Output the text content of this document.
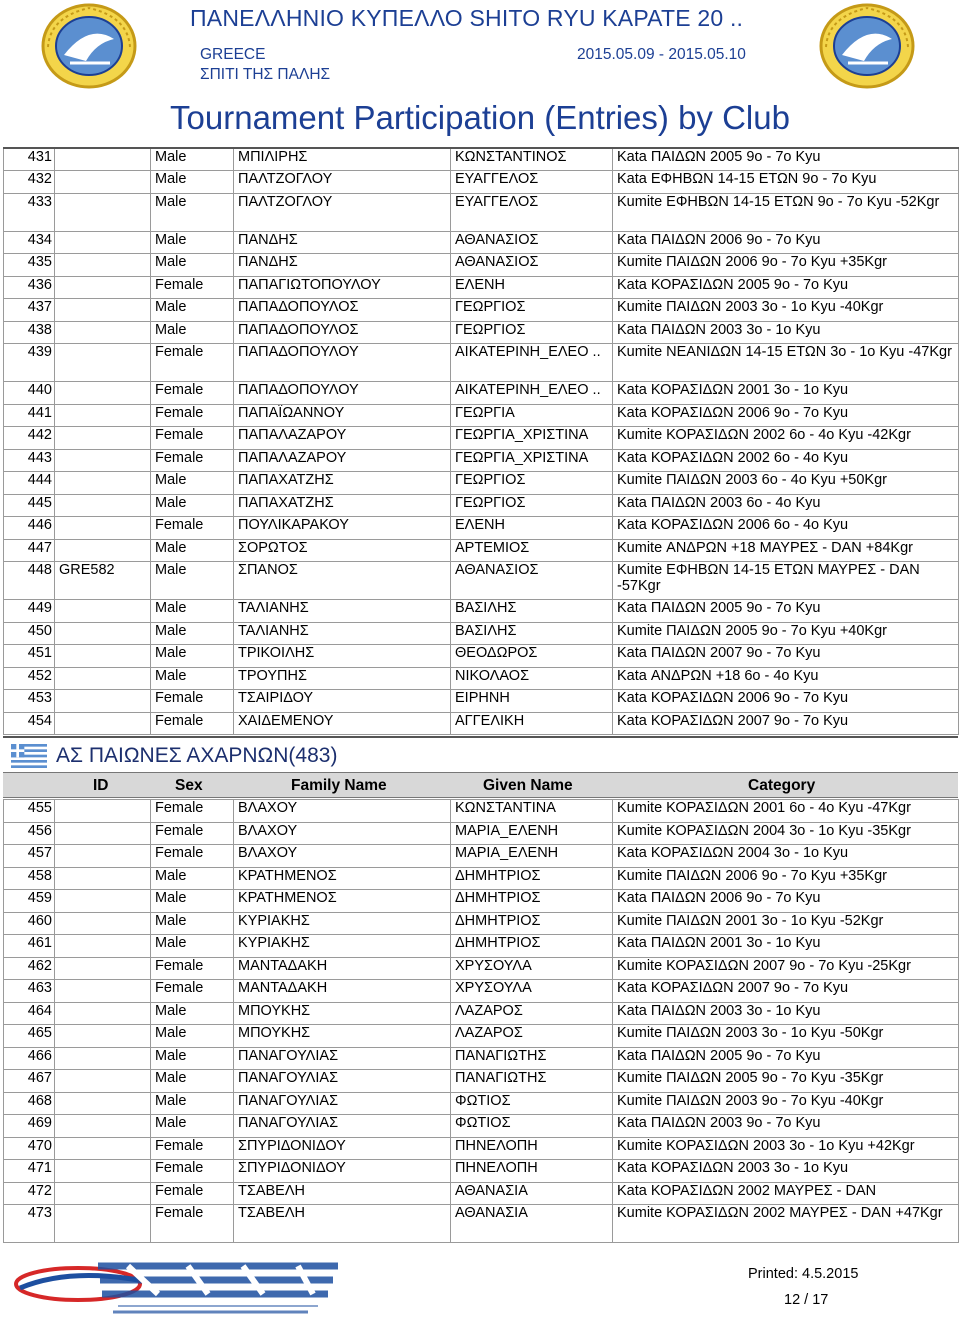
ΠΑΝΕΛΛΗΝΙΟ ΚΥΠΕΛΛΟ SHITO RYU ΚΑΡΑΤΕ 20 ..
GREECE
ΣΠΙΤΙ ΤΗΣ ΠΑΛΗΣ
2015.05.09 - 2015.05.10
Tournament Participation (Entries) by Club
431		Male	ΜΠΙΛΙΡΗΣ	ΚΩΝΣΤΑΝΤΙΝΟΣ	Kata ΠΑΙΔΩΝ 2005 9ο - 7ο Kyu
432		Male	ΠΑΛΤΖΟΓΛΟΥ	ΕΥΑΓΓΕΛΟΣ	Kata ΕΦΗΒΩΝ 14-15 ΕΤΩΝ 9ο - 7ο Kyu
433		Male	ΠΑΛΤΖΟΓΛΟΥ	ΕΥΑΓΓΕΛΟΣ	Kumite ΕΦΗΒΩΝ 14-15 ΕΤΩΝ 9ο - 7ο Kyu -52Kgr
434		Male	ΠΑΝΔΗΣ	ΑΘΑΝΑΣΙΟΣ	Kata ΠΑΙΔΩΝ 2006 9ο - 7ο Kyu
435		Male	ΠΑΝΔΗΣ	ΑΘΑΝΑΣΙΟΣ	Kumite ΠΑΙΔΩΝ 2006 9ο - 7ο Kyu +35Kgr
436		Female	ΠΑΠΑΓΙΩΤΟΠΟΥΛΟΥ	ΕΛΕΝΗ	Kata ΚΟΡΑΣΙΔΩΝ 2005 9ο - 7ο Kyu
437		Male	ΠΑΠΑΔΟΠΟΥΛΟΣ	ΓΕΩΡΓΙΟΣ	Kumite ΠΑΙΔΩΝ 2003 3ο - 1ο Kyu -40Kgr
438		Male	ΠΑΠΑΔΟΠΟΥΛΟΣ	ΓΕΩΡΓΙΟΣ	Kata ΠΑΙΔΩΝ 2003 3ο - 1ο Kyu
439		Female	ΠΑΠΑΔΟΠΟΥΛΟΥ	ΑΙΚΑΤΕΡΙΝΗ_ΕΛΕΟ ..	Kumite ΝΕΑΝΙΔΩΝ 14-15 ΕΤΩΝ 3ο - 1ο Kyu -47Kgr
440		Female	ΠΑΠΑΔΟΠΟΥΛΟΥ	ΑΙΚΑΤΕΡΙΝΗ_ΕΛΕΟ ..	Kata ΚΟΡΑΣΙΔΩΝ 2001 3ο - 1ο Kyu
441		Female	ΠΑΠΑΪΩΑΝΝΟΥ	ΓΕΩΡΓΙΑ	Kata ΚΟΡΑΣΙΔΩΝ 2006 9ο - 7ο Kyu
442		Female	ΠΑΠΑΛΑΖΑΡΟΥ	ΓΕΩΡΓΙΑ_ΧΡΙΣΤΙΝΑ	Kumite ΚΟΡΑΣΙΔΩΝ 2002 6ο - 4ο Kyu -42Kgr
443		Female	ΠΑΠΑΛΑΖΑΡΟΥ	ΓΕΩΡΓΙΑ_ΧΡΙΣΤΙΝΑ	Kata ΚΟΡΑΣΙΔΩΝ 2002 6ο - 4ο Kyu
444		Male	ΠΑΠΑΧΑΤΖΗΣ	ΓΕΩΡΓΙΟΣ	Kumite ΠΑΙΔΩΝ 2003 6ο - 4ο Kyu +50Kgr
445		Male	ΠΑΠΑΧΑΤΖΗΣ	ΓΕΩΡΓΙΟΣ	Kata ΠΑΙΔΩΝ 2003 6ο - 4ο Kyu
446		Female	ΠΟΥΛΙΚΑΡΑΚΟΥ	ΕΛΕΝΗ	Kata ΚΟΡΑΣΙΔΩΝ 2006 6ο - 4ο Kyu
447		Male	ΣΟΡΩΤΟΣ	ΑΡΤΕΜΙΟΣ	Kumite ΑΝΔΡΩΝ +18 ΜΑΥΡΕΣ - DAN +84Kgr
448	GRE582	Male	ΣΠΑΝΟΣ	ΑΘΑΝΑΣΙΟΣ	Kumite ΕΦΗΒΩΝ 14-15 ΕΤΩΝ ΜΑΥΡΕΣ - DAN -57Kgr
449		Male	ΤΑΛΙΑΝΗΣ	ΒΑΣΙΛΗΣ	Kata ΠΑΙΔΩΝ 2005 9ο - 7ο Kyu
450		Male	ΤΑΛΙΑΝΗΣ	ΒΑΣΙΛΗΣ	Kumite ΠΑΙΔΩΝ 2005 9ο - 7ο Kyu +40Kgr
451		Male	ΤΡΙΚΟΙΛΗΣ	ΘΕΟΔΩΡΟΣ	Kata ΠΑΙΔΩΝ 2007 9ο - 7ο Kyu
452		Male	ΤΡΟΥΠΗΣ	ΝΙΚΟΛΑΟΣ	Kata ΑΝΔΡΩΝ +18 6ο - 4ο Kyu
453		Female	ΤΣΑΙΡΙΔΟΥ	ΕΙΡΗΝΗ	Kata ΚΟΡΑΣΙΔΩΝ 2006 9ο - 7ο Kyu
454		Female	ΧΑΙΔΕΜΕΝΟΥ	ΑΓΓΕΛΙΚΗ	Kata ΚΟΡΑΣΙΔΩΝ 2007 9ο - 7ο Kyu
ΑΣ ΠΑΙΩΝΕΣ ΑΧΑΡΝΩΝ(483)
ID	Sex	Family Name	Given Name	Category
455		Female	ΒΛΑΧΟΥ	ΚΩΝΣΤΑΝΤΙΝΑ	Kumite ΚΟΡΑΣΙΔΩΝ 2001 6ο - 4ο Kyu -47Kgr
456		Female	ΒΛΑΧΟΥ	ΜΑΡΙΑ_ΕΛΕΝΗ	Kumite ΚΟΡΑΣΙΔΩΝ 2004 3ο - 1ο Kyu -35Kgr
457		Female	ΒΛΑΧΟΥ	ΜΑΡΙΑ_ΕΛΕΝΗ	Kata ΚΟΡΑΣΙΔΩΝ 2004 3ο - 1ο Kyu
458		Male	ΚΡΑΤΗΜΕΝΟΣ	ΔΗΜΗΤΡΙΟΣ	Kumite ΠΑΙΔΩΝ 2006 9ο - 7ο Kyu +35Kgr
459		Male	ΚΡΑΤΗΜΕΝΟΣ	ΔΗΜΗΤΡΙΟΣ	Kata ΠΑΙΔΩΝ 2006 9ο - 7ο Kyu
460		Male	ΚΥΡΙΑΚΗΣ	ΔΗΜΗΤΡΙΟΣ	Kumite ΠΑΙΔΩΝ 2001 3ο - 1ο Kyu -52Kgr
461		Male	ΚΥΡΙΑΚΗΣ	ΔΗΜΗΤΡΙΟΣ	Kata ΠΑΙΔΩΝ 2001 3ο - 1ο Kyu
462		Female	ΜΑΝΤΑΔΑΚΗ	ΧΡΥΣΟΥΛΑ	Kumite ΚΟΡΑΣΙΔΩΝ 2007 9ο - 7ο Kyu -25Kgr
463		Female	ΜΑΝΤΑΔΑΚΗ	ΧΡΥΣΟΥΛΑ	Kata ΚΟΡΑΣΙΔΩΝ 2007 9ο - 7ο Kyu
464		Male	ΜΠΟΥΚΗΣ	ΛΑΖΑΡΟΣ	Kata ΠΑΙΔΩΝ 2003 3ο - 1ο Kyu
465		Male	ΜΠΟΥΚΗΣ	ΛΑΖΑΡΟΣ	Kumite ΠΑΙΔΩΝ 2003 3ο - 1ο Kyu -50Kgr
466		Male	ΠΑΝΑΓΟΥΛΙΑΣ	ΠΑΝΑΓΙΩΤΗΣ	Kata ΠΑΙΔΩΝ 2005 9ο - 7ο Kyu
467		Male	ΠΑΝΑΓΟΥΛΙΑΣ	ΠΑΝΑΓΙΩΤΗΣ	Kumite ΠΑΙΔΩΝ 2005 9ο - 7ο Kyu -35Kgr
468		Male	ΠΑΝΑΓΟΥΛΙΑΣ	ΦΩΤΙΟΣ	Kumite ΠΑΙΔΩΝ 2003 9ο - 7ο Kyu -40Kgr
469		Male	ΠΑΝΑΓΟΥΛΙΑΣ	ΦΩΤΙΟΣ	Kata ΠΑΙΔΩΝ 2003 9ο - 7ο Kyu
470		Female	ΣΠΥΡΙΔΟΝΙΔΟΥ	ΠΗΝΕΛΟΠΗ	Kumite ΚΟΡΑΣΙΔΩΝ 2003 3ο - 1ο Kyu +42Kgr
471		Female	ΣΠΥΡΙΔΟΝΙΔΟΥ	ΠΗΝΕΛΟΠΗ	Kata ΚΟΡΑΣΙΔΩΝ 2003 3ο - 1ο Kyu
472		Female	ΤΣΑΒΕΛΗ	ΑΘΑΝΑΣΙΑ	Kata ΚΟΡΑΣΙΔΩΝ 2002 ΜΑΥΡΕΣ - DAN
473		Female	ΤΣΑΒΕΛΗ	ΑΘΑΝΑΣΙΑ	Kumite ΚΟΡΑΣΙΔΩΝ 2002 ΜΑΥΡΕΣ - DAN +47Kgr
Printed: 4.5.2015
12 / 17
